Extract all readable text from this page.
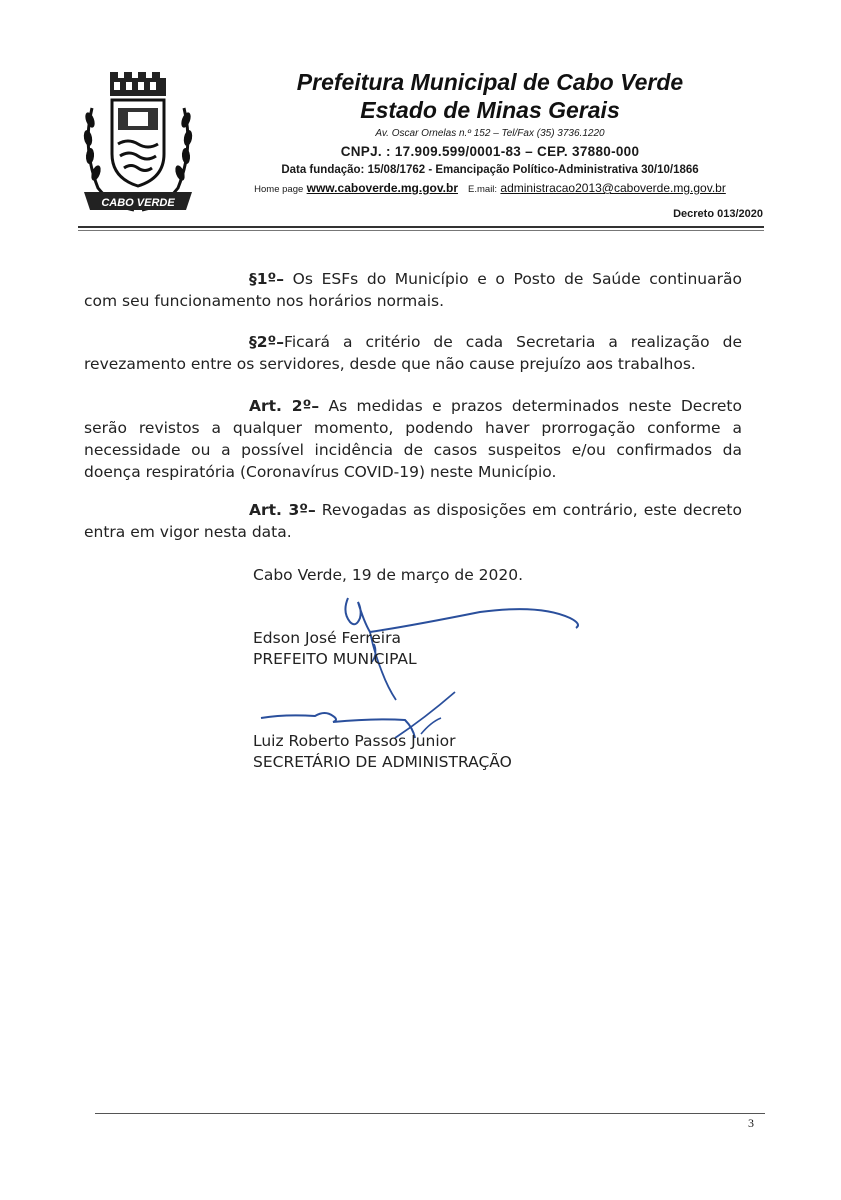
CABO VERDE
Prefeitura Municipal de Cabo Verde
Estado de Minas Gerais
Av. Oscar Ornelas n.º 152 – Tel/Fax (35) 3736.1220
CNPJ. : 17.909.599/0001-83 – CEP. 37880-000
Data fundação: 15/08/1762 - Emancipação Político-Administrativa 30/10/1866
Home page www.caboverde.mg.gov.br E.mail: administracao2013@caboverde.mg.gov.br
Decreto 013/2020
§1º– Os ESFs do Município e o Posto de Saúde continuarão com seu funcionamento nos horários normais.
§2º–Ficará a critério de cada Secretaria a realização de revezamento entre os servidores, desde que não cause prejuízo aos trabalhos.
Art. 2º– As medidas e prazos determinados neste Decreto serão revistos a qualquer momento, podendo haver prorrogação conforme a necessidade ou a possível incidência de casos suspeitos e/ou confirmados da doença respiratória (Coronavírus COVID-19) neste Município.
Art. 3º– Revogadas as disposições em contrário, este decreto entra em vigor nesta data.
Cabo Verde, 19 de março de 2020.
Edson José Ferreira
PREFEITO MUNICIPAL
Luiz Roberto Passos Junior
SECRETÁRIO DE ADMINISTRAÇÃO
3
